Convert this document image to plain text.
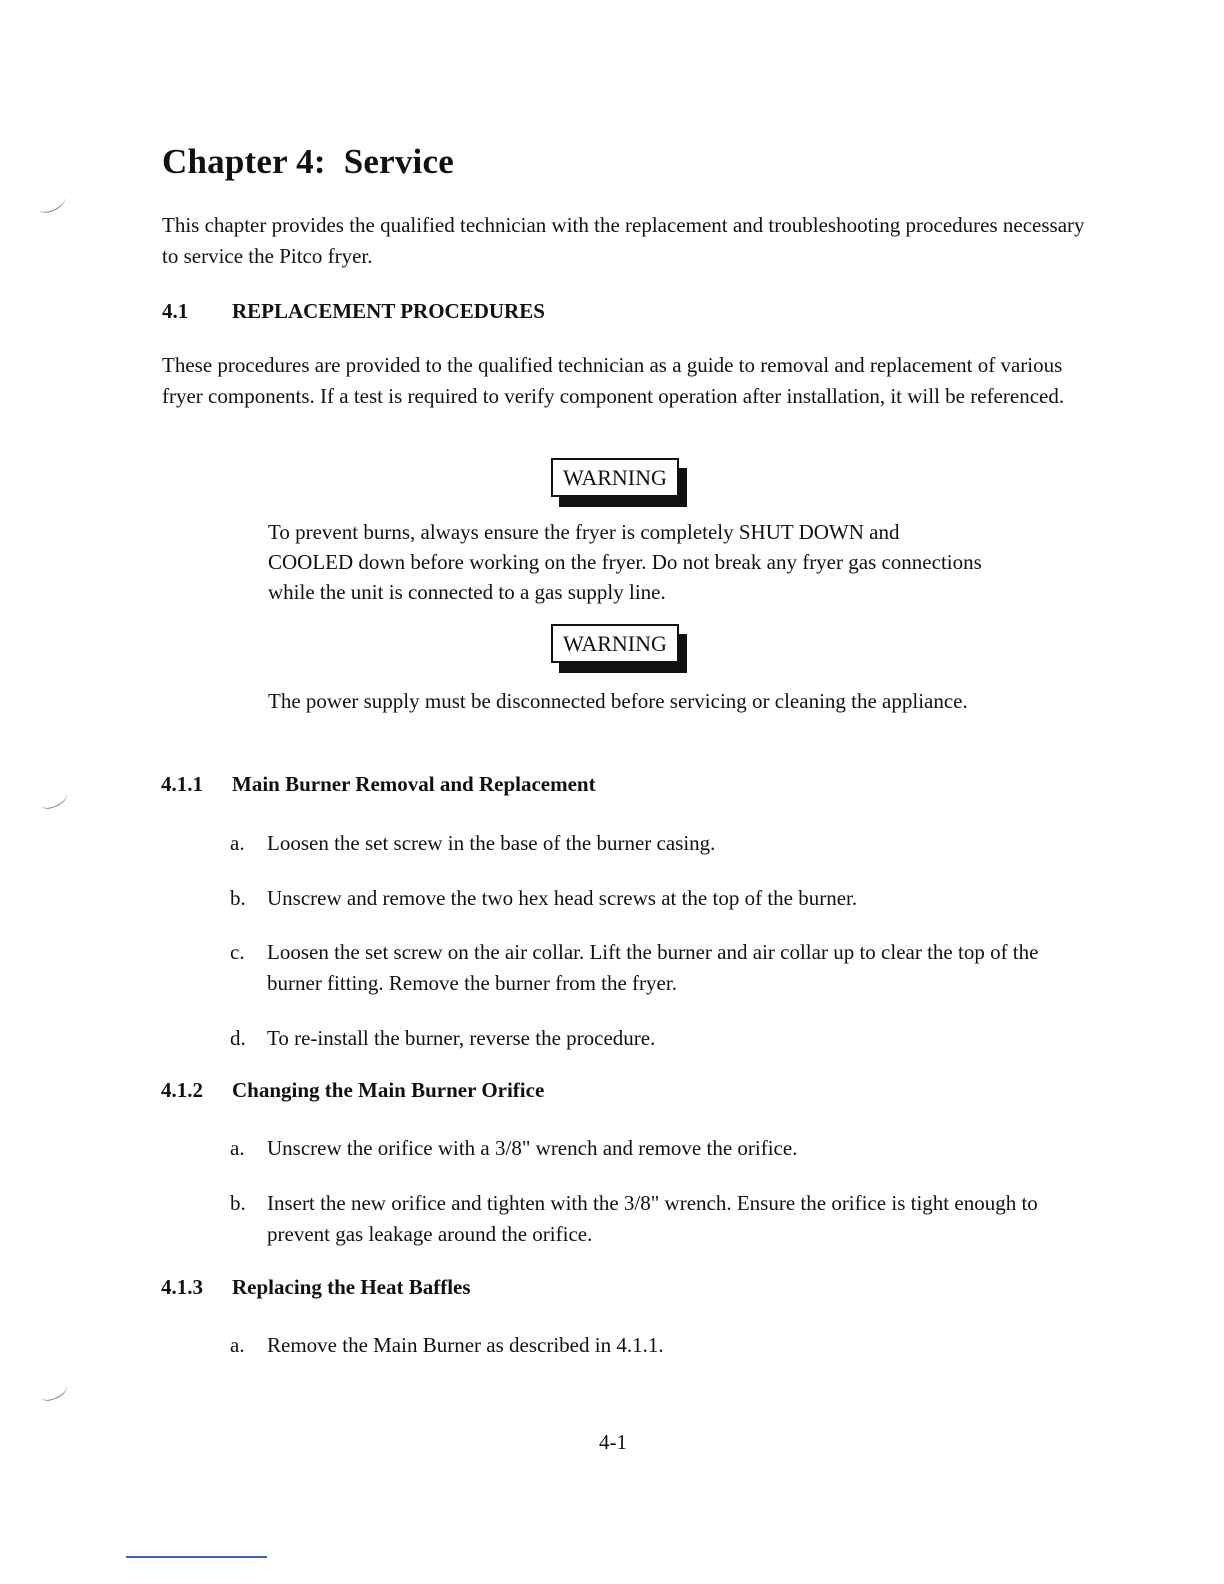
Chapter 4: Service
This chapter provides the qualified technician with the replacement and troubleshooting procedures necessary to service the Pitco fryer.
4.1 REPLACEMENT PROCEDURES
These procedures are provided to the qualified technician as a guide to removal and replacement of various fryer components. If a test is required to verify component operation after installation, it will be referenced.
WARNING
To prevent burns, always ensure the fryer is completely SHUT DOWN and COOLED down before working on the fryer. Do not break any fryer gas connections while the unit is connected to a gas supply line.
WARNING
The power supply must be disconnected before servicing or cleaning the appliance.
4.1.1 Main Burner Removal and Replacement
a. Loosen the set screw in the base of the burner casing.
b. Unscrew and remove the two hex head screws at the top of the burner.
c. Loosen the set screw on the air collar. Lift the burner and air collar up to clear the top of the burner fitting. Remove the burner from the fryer.
d. To re-install the burner, reverse the procedure.
4.1.2 Changing the Main Burner Orifice
a. Unscrew the orifice with a 3/8" wrench and remove the orifice.
b. Insert the new orifice and tighten with the 3/8" wrench. Ensure the orifice is tight enough to prevent gas leakage around the orifice.
4.1.3 Replacing the Heat Baffles
a. Remove the Main Burner as described in 4.1.1.
4-1
